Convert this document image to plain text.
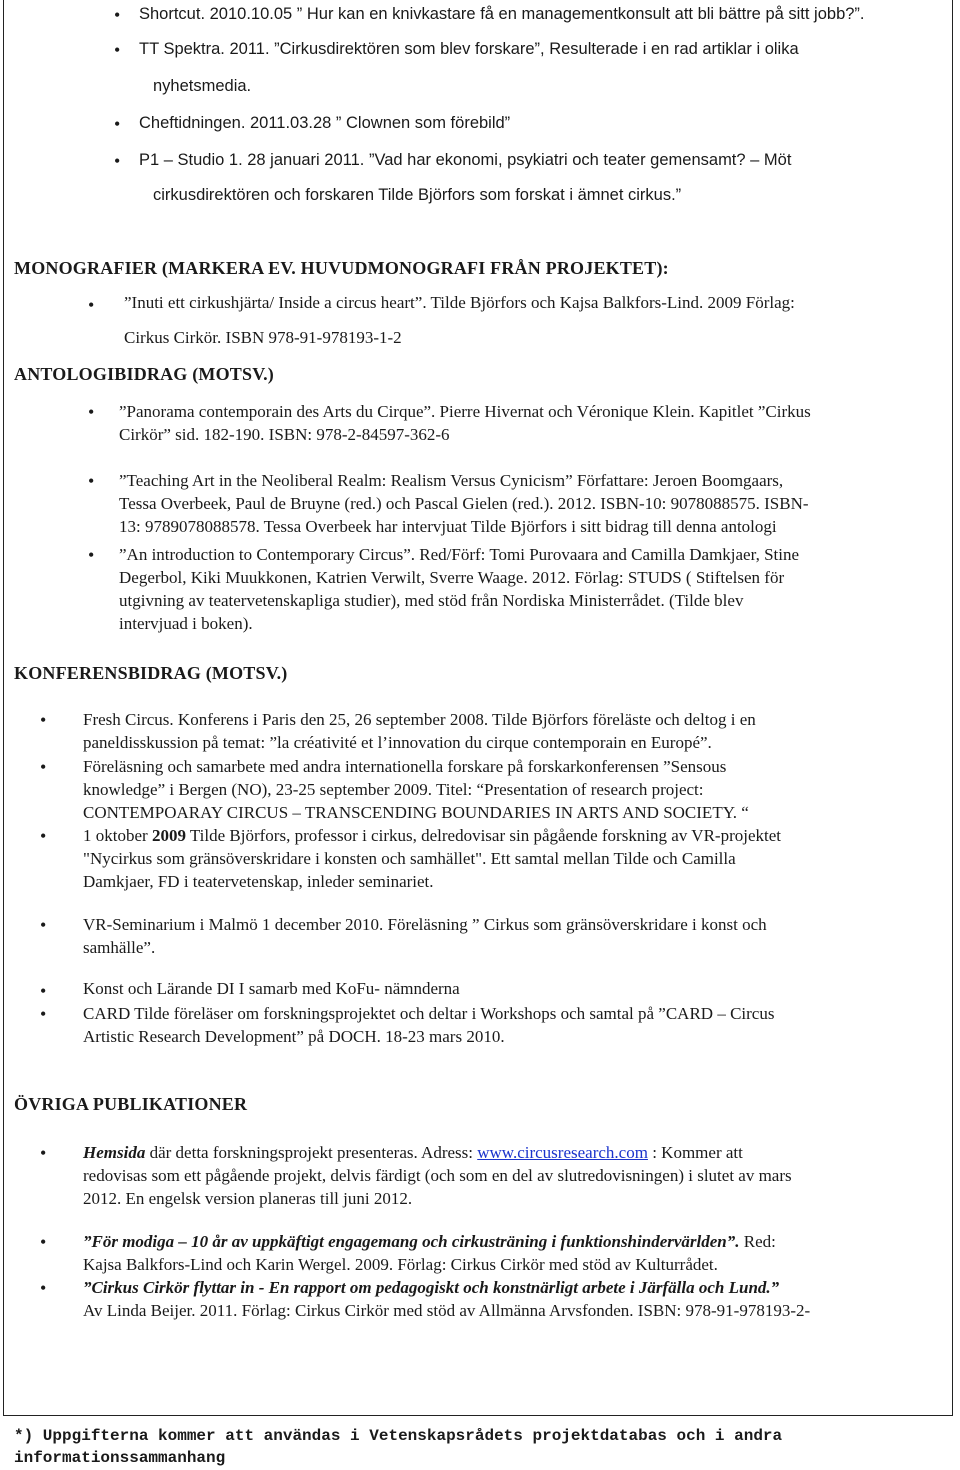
• Shortcut. 2010.10.05 ” Hur kan en knivkastare få en managementkonsult att bli bättre på sitt jobb?”.
• TT Spektra. 2011. ”Cirkusdirektören som blev forskare”, Resulterade i en rad artiklar i olika
nyhetsmedia.
• Cheftidningen. 2011.03.28 ” Clownen som förebild”
• P1 – Studio 1. 28 januari 2011. ”Vad har ekonomi, psykiatri och teater gemensamt? – Möt
cirkusdirektören och forskaren Tilde Björfors som forskat i ämnet cirkus.”
MONOGRAFIER (MARKERA EV. HUVUDMONOGRAFI FRÅN PROJEKTET):
• ”Inuti ett cirkushjärta/ Inside a circus heart”. Tilde Björfors och Kajsa Balkfors-Lind. 2009 Förlag:
Cirkus Cirkör. ISBN 978-91-978193-1-2
ANTOLOGIBIDRAG (MOTSV.)
• ”Panorama contemporain des Arts du Cirque”. Pierre Hivernat och Véronique Klein. Kapitlet ”Cirkus
Cirkör” sid. 182-190. ISBN: 978-2-84597-362-6
• ”Teaching Art in the Neoliberal Realm: Realism Versus Cynicism” Författare: Jeroen Boomgaars,
Tessa Overbeek, Paul de Bruyne (red.) och Pascal Gielen (red.). 2012. ISBN-10: 9078088575. ISBN-
13: 9789078088578. Tessa Overbeek har intervjuat Tilde Björfors i sitt bidrag till denna antologi
• ”An introduction to Contemporary Circus”. Red/Förf: Tomi Purovaara and Camilla Damkjaer, Stine
Degerbol, Kiki Muukkonen, Katrien Verwilt, Sverre Waage. 2012. Förlag: STUDS ( Stiftelsen för
utgivning av teatervetenskapliga studier), med stöd från Nordiska Ministerrådet. (Tilde blev
intervjuad i boken).
KONFERENSBIDRAG (MOTSV.)
• Fresh Circus. Konferens i Paris den 25, 26 september 2008. Tilde Björfors föreläste och deltog i en
paneldisskussion på temat: ”la créativité et l’innovation du cirque contemporain en Europé”.
• Föreläsning och samarbete med andra internationella forskare på forskarkonferensen ”Sensous
knowledge” i Bergen (NO), 23-25 september 2009. Titel: “Presentation of research project:
CONTEMPOARAY CIRCUS – TRANSCENDING BOUNDARIES IN ARTS AND SOCIETY. “
• 1 oktober 2009 Tilde Björfors, professor i cirkus, delredovisar sin pågående forskning av VR-projektet
"Nycirkus som gränsöverskridare i konsten och samhället". Ett samtal mellan Tilde och Camilla
Damkjaer, FD i teatervetenskap, inleder seminariet.
• VR-Seminarium i Malmö 1 december 2010. Föreläsning ” Cirkus som gränsöverskridare i konst och
samhälle”.
• Konst och Lärande DI I samarb med KoFu- nämnderna
• CARD Tilde föreläser om forskningsprojektet och deltar i Workshops och samtal på ”CARD – Circus
Artistic Research Development” på DOCH. 18-23 mars 2010.
ÖVRIGA PUBLIKATIONER
• Hemsida där detta forskningsprojekt presenteras. Adress: www.circusresearch.com : Kommer att
redovisas som ett pågående projekt, delvis färdigt (och som en del av slutredovisningen) i slutet av mars
2012. En engelsk version planeras till juni 2012.
• ”För modiga – 10 år av uppkäftigt engagemang och cirkusträning i funktionshindervärlden”. Red:
Kajsa Balkfors-Lind och Karin Wergel. 2009. Förlag: Cirkus Cirkör med stöd av Kulturrådet.
• ”Cirkus Cirkör flyttar in - En rapport om pedagogiskt och konstnärligt arbete i Järfälla och Lund.”
Av Linda Beijer. 2011. Förlag: Cirkus Cirkör med stöd av Allmänna Arvsfonden. ISBN: 978-91-978193-2-
*) Uppgifterna kommer att användas i Vetenskapsrådets projektdatabas och i andra informationssammanhang
